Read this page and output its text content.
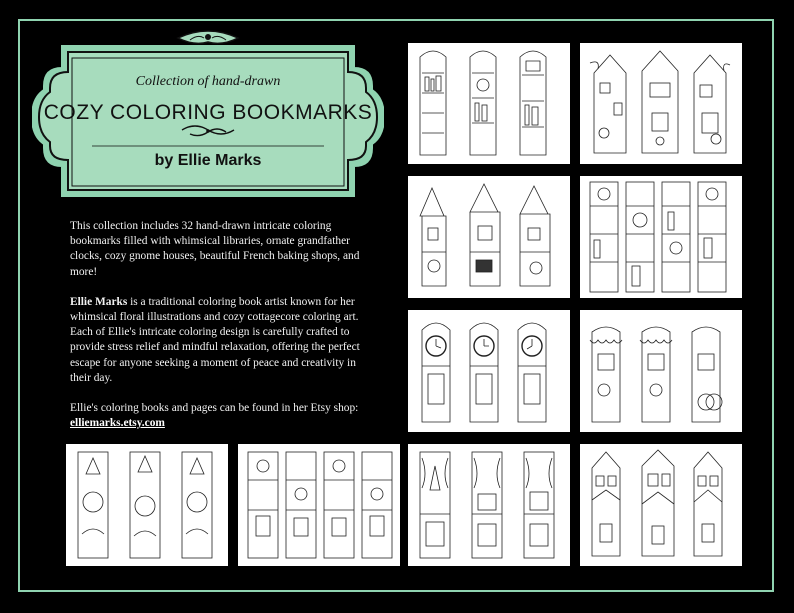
Collection of hand-drawn
COZY COLORING BOOKMARKS
by Ellie Marks

This collection includes 32 hand-drawn intricate coloring bookmarks filled with whimsical libraries, ornate grandfather clocks, cozy gnome houses, beautiful French baking shops, and more!

Ellie Marks is a traditional coloring book artist known for her whimsical floral illustrations and cozy cottagecore coloring art. Each of Ellie's intricate coloring design is carefully crafted to provide stress relief and mindful relaxation, offering the perfect escape for anyone seeking a moment of peace and creativity in their day.

Ellie's coloring books and pages can be found in her Etsy shop:
elliemarks.etsy.com
